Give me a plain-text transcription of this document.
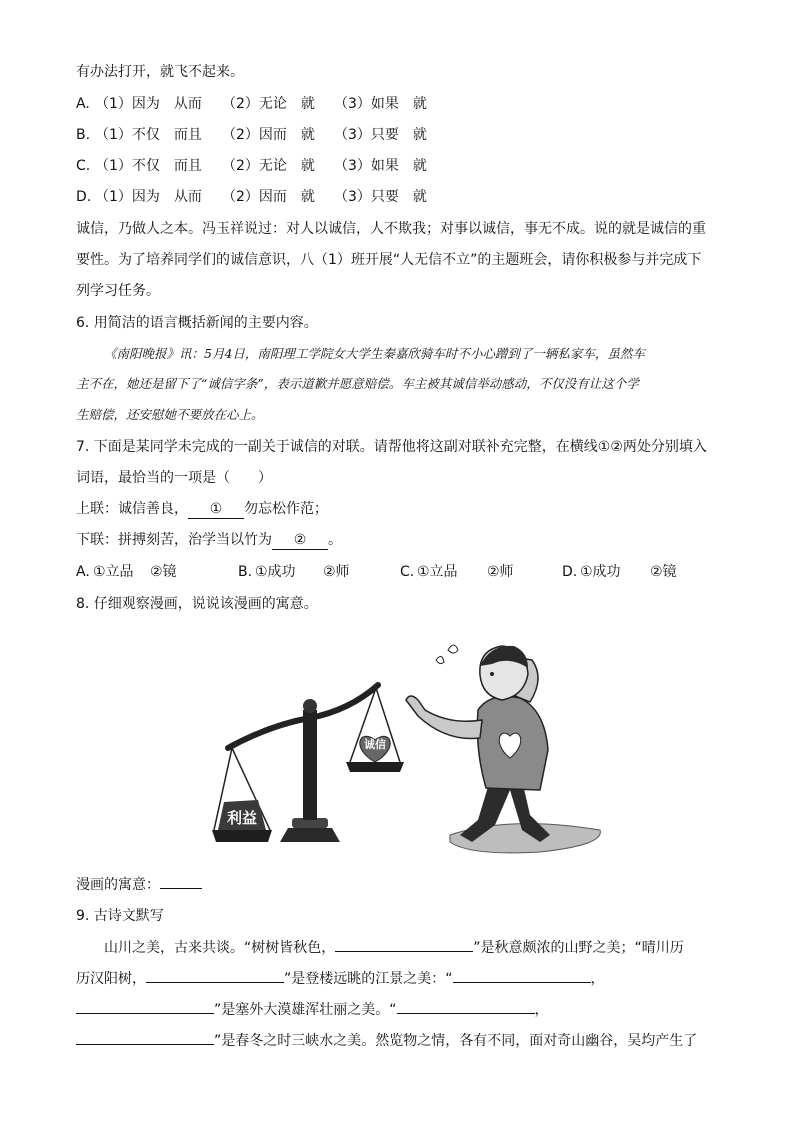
有办法打开，就飞不起来。
A. （1）因为　从而 （2）无论　就 （3）如果　就
B. （1）不仅　而且 （2）因而　就 （3）只要　就
C. （1）不仅　而且 （2）无论　就 （3）如果　就
D. （1）因为　从而 （2）因而　就 （3）只要　就
诚信，乃做人之本。冯玉祥说过：对人以诚信，人不欺我；对事以诚信，事无不成。说的就是诚信的重
要性。为了培养同学们的诚信意识，八（1）班开展“人无信不立”的主题班会，请你积极参与并完成下
列学习任务。
6. 用简洁的语言概括新闻的主要内容。
《南阳晚报》讯：5月4日，南阳理工学院女大学生秦嘉欣骑车时不小心蹭到了一辆私家车，虽然车
主不在，她还是留下了“诚信字条”，表示道歉并愿意赔偿。车主被其诚信举动感动，不仅没有让这个学
生赔偿，还安慰她不要放在心上。
7. 下面是某同学未完成的一副关于诚信的对联。请帮他将这副对联补充完整，在横线①②两处分别填入
词语，最恰当的一项是（　　）
上联：诚信善良， ① 勿忘松作范；
下联：拼搏刻苦，治学当以竹为 ② 。
A. ①立品 ②镜	B. ①成功 ②师	C. ①立品 ②师	D. ①成功 ②镜
8. 仔细观察漫画，说说该漫画的寓意。
利益
诚信
漫画的寓意：
9. 古诗文默写
山川之美，古来共谈。“树树皆秋色，	”是秋意颇浓的山野之美；“晴川历
历汉阳树，	”是登楼远眺的江景之美：“	，
”是塞外大漠雄浑壮丽之美。“	，
”是春冬之时三峡水之美。然览物之情，各有不同，面对奇山幽谷，吴均产生了
